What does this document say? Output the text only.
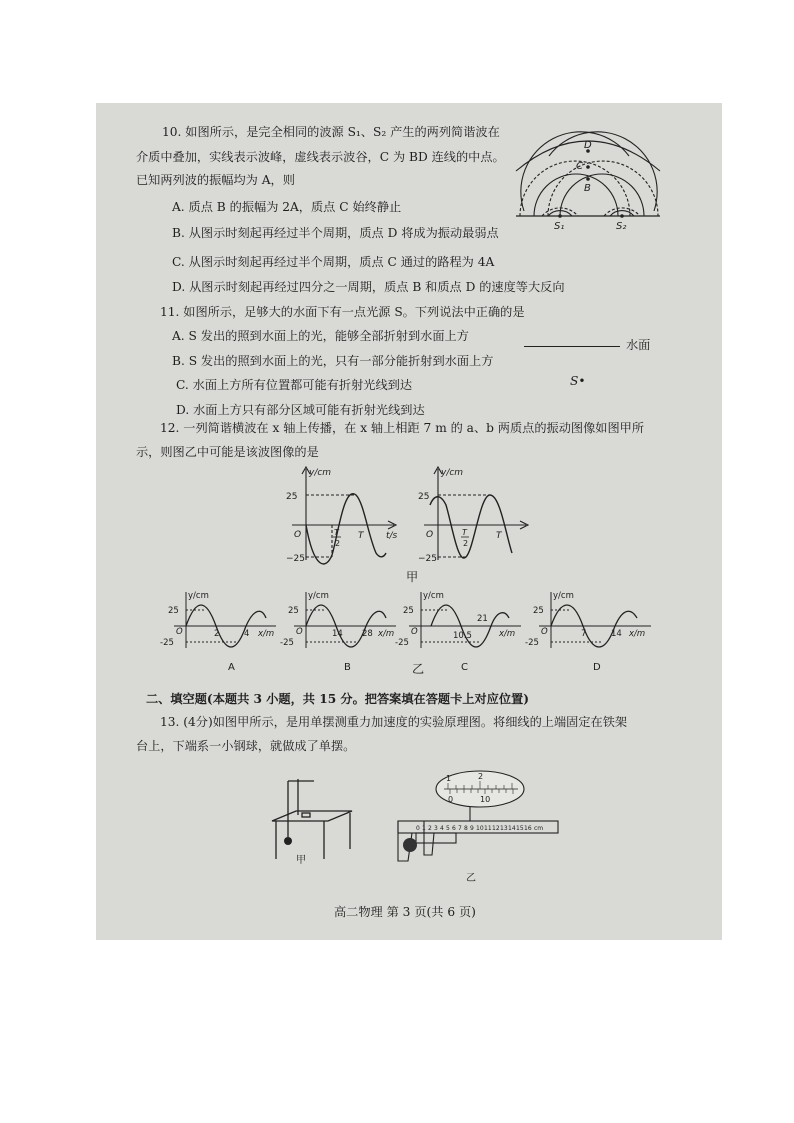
10. 如图所示，是完全相同的波源 S₁、S₂ 产生的两列简谐波在
介质中叠加，实线表示波峰，虚线表示波谷，C 为 BD 连线的中点。
已知两列波的振幅均为 A，则
A. 质点 B 的振幅为 2A，质点 C 始终静止
B. 从图示时刻起再经过半个周期，质点 D 将成为振动最弱点
C. 从图示时刻起再经过半个周期，质点 C 通过的路程为 4A
D. 从图示时刻起再经过四分之一周期，质点 B 和质点 D 的速度等大反向
D
C
B
S₁	S₂
11. 如图所示，足够大的水面下有一点光源 S。下列说法中正确的是
A. S 发出的照到水面上的光，能够全部折射到水面上方
B. S 发出的照到水面上的光，只有一部分能折射到水面上方
C. 水面上方所有位置都可能有折射光线到达
D. 水面上方只有部分区域可能有折射光线到达
水面
S•
12. 一列简谐横波在 x 轴上传播，在 x 轴上相距 7 m 的 a、b 两质点的振动图像如图甲所
示，则图乙中可能是该波图像的是
y/cm
25
−25
O	T
2
T	t/s
y/cm
25
−25
O	T
2
T
甲
y/cm
25
-25
O	2	4 x/m
A
y/cm
25
-25
O	14 28 x/m
B
y/cm
25
-25
O	10.5
21
x/m
C
y/cm
25
-25
O	7	14 x/m
D
乙
二、填空题(本题共 3 小题，共 15 分。把答案填在答题卡上对应位置)
13. (4分)如图甲所示，是用单摆测重力加速度的实验原理图。将细线的上端固定在铁架
台上，下端系一小钢球，就做成了单摆。
甲
1	2
0	10
0 1 2 3 4 5 6 7 8 9 10 11 12 13 14 15 16 cm
乙
高二物理 第 3 页(共 6 页)
